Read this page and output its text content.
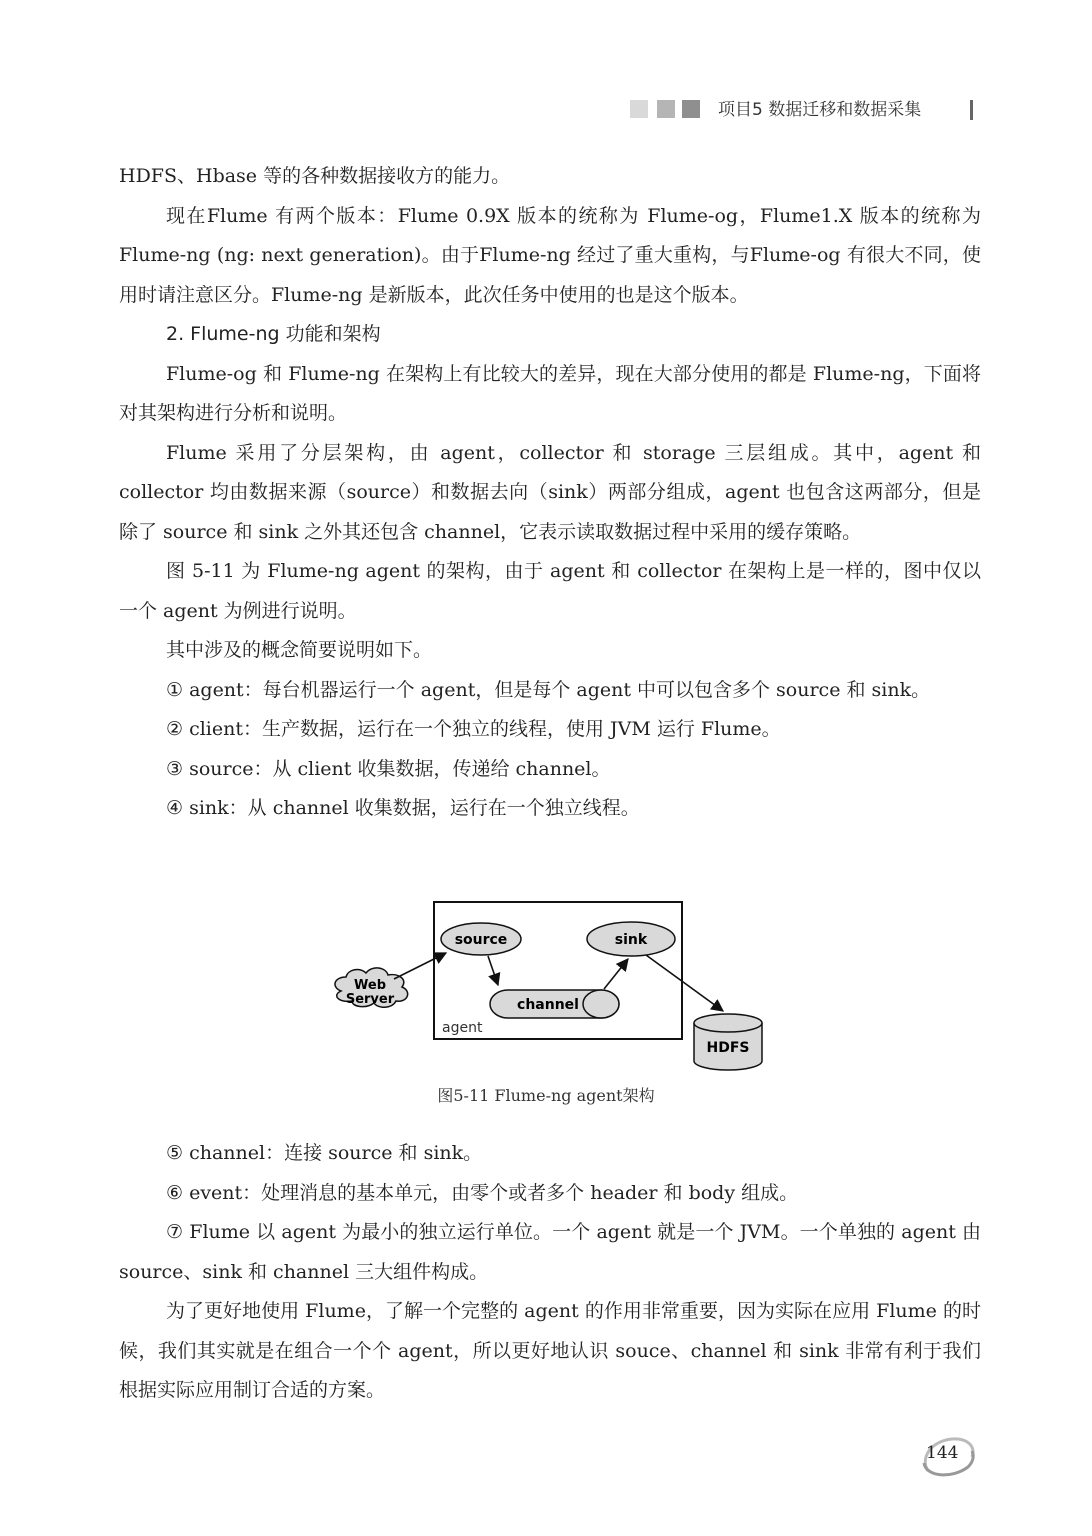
项目5 数据迁移和数据采集

HDFS、Hbase 等的各种数据接收方的能力。

现在Flume 有两个版本：Flume 0.9X 版本的统称为 Flume-og，Flume1.X 版本的统称为 Flume-ng (ng: next generation)。由于Flume-ng 经过了重大重构，与Flume-og 有很大不同，使用时请注意区分。Flume-ng 是新版本，此次任务中使用的也是这个版本。

2. Flume-ng 功能和架构

Flume-og 和 Flume-ng 在架构上有比较大的差异，现在大部分使用的都是 Flume-ng，下面将对其架构进行分析和说明。

Flume 采用了分层架构，由 agent，collector 和 storage 三层组成。其中，agent 和 collector 均由数据来源（source）和数据去向（sink）两部分组成，agent 也包含这两部分，但是除了 source 和 sink 之外其还包含 channel，它表示读取数据过程中采用的缓存策略。

图 5-11 为 Flume-ng agent 的架构，由于 agent 和 collector 在架构上是一样的，图中仅以一个 agent 为例进行说明。

其中涉及的概念简要说明如下。

① agent：每台机器运行一个 agent，但是每个 agent 中可以包含多个 source 和 sink。

② client：生产数据，运行在一个独立的线程，使用 JVM 运行 Flume。

③ source：从 client 收集数据，传递给 channel。

④ sink：从 channel 收集数据，运行在一个独立线程。

agent
source	sink
channel
Web
Server
HDFS
图5-11 Flume-ng agent架构

⑤ channel：连接 source 和 sink。

⑥ event：处理消息的基本单元，由零个或者多个 header 和 body 组成。

⑦ Flume 以 agent 为最小的独立运行单位。一个 agent 就是一个 JVM。一个单独的 agent 由 source、sink 和 channel 三大组件构成。

为了更好地使用 Flume，了解一个完整的 agent 的作用非常重要，因为实际在应用 Flume 的时候，我们其实就是在组合一个个 agent，所以更好地认识 souce、channel 和 sink 非常有利于我们根据实际应用制订合适的方案。

144
